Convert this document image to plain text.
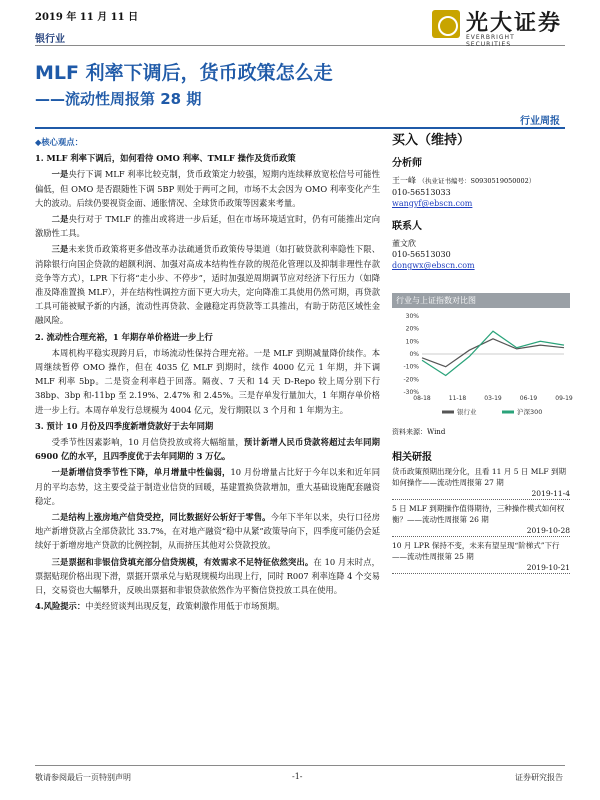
2019 年 11 月 11 日
银行业
光大证券
EVERBRIGHT SECURITIES
MLF 利率下调后，货币政策怎么走
——流动性周报第 28 期
行业周报

◆核心观点：

1. MLF 利率下调后，如何看待 OMO 利率、TMLF 操作及货币政策

一是央行下调 MLF 利率比较克制，货币政策定力较强，短期内连续释放宽松信号可能性偏低，但 OMO 是否跟随性下调 5BP 则处于两可之间，市场不太会因为 OMO 利率变化产生大的波动。后续仍要视资金面、通胀情况、全球货币政策等因素来考量。

二是央行对于 TMLF 的推出或将进一步后延，但在市场环境适宜时，仍有可能推出定向激励性工具。

三是未来货币政策将更多借改革办法疏通货币政策传导渠道（如打破贷款利率隐性下限、消除银行向国企贷款的超额利润、加强对高成本结构性存款的规范化管理以及抑制非理性存款竞争等方式），LPR 下行将“走小步、不停步”，适时加强逆周期调节应对经济下行压力（如降准及降准置换 MLF），并在结构性调控方面下更大功夫，定向降准工具使用仍然可期，再贷款工具可能被赋予新的内涵，流动性再贷款、金融稳定再贷款等工具推出，有助于防范区域性金融风险。

2. 流动性合理充裕，1 年期存单价格进一步上行

本周机构平稳实现跨月后，市场流动性保持合理充裕。一是 MLF 到期减量降价续作。本周继续暂停 OMO 操作，但在 4035 亿 MLF 到期时，续作 4000 亿元 1 年期，并下调 MLF 利率 5bp。二是资金利率趋于回落。隔夜、7 天和 14 天 D-Repo 较上周分别下行 38bp、3bp 和-11bp 至 2.19%、2.47% 和 2.45%。三是存单发行量加大，1 年期存单价格进一步上行。本周存单发行总规模为 4004 亿元，发行期限以 3 个月和 1 年期为主。

3. 预计 10 月份及四季度新增贷款好于去年同期

受季节性因素影响，10 月信贷投放或将大幅缩量，预计新增人民币贷款将超过去年同期 6900 亿的水平，且四季度优于去年同期的 3 万亿。

一是新增信贷季节性下降，单月增量中性偏弱，10 月份增量占比好于今年以来和近年同月的平均态势，这主要受益于制造业信贷的回暖，基建置换贷款增加，重大基础设施配套融资稳定。

二是结构上涨房地产信贷受控，同比数据好公斩好于零售。今年下半年以来，央行口径房地产新增贷款占全部贷款比 33.7%，在对地产融资“稳中从紧”政策导向下，四季度可能仍会延续好于新增房地产贷款的比例控制，从而挤压其他对公贷款投放。

三是票据和非银信贷填充部分信贷规模，有效需求不足特征依然突出。在 10 月末时点，票据贴现价格出现下滑，票据开票承兑与贴现规模均出现上行，同时 R007 利率连降 4 个交易日，交易资也大幅攀升，反映出票据和非银贷款依然作为平衡信贷投放工具在使用。

4.风险提示：中美经贸谈判出现反复，政策刺激作用低于市场预期。

买入（维持）

分析师

王一峰 （执业证书编号：S0930519050002）

010-56513033

wangyf@ebscn.com

联系人

董文欣

010-56513030

dongwx@ebscn.com

行业与上证指数对比图
30%
20%
10%
0%
-10%
-20%
-30%
08-18	11-18	03-19	06-19	09-19
银行业	沪深300

资料来源：Wind

相关研报

货币政策预期出现分化，且看 11 月 5 日 MLF 到期如何操作——流动性周报第 27 期

2019-11-4

5 日 MLF 到期操作值得期待，三种操作模式如何权衡？——流动性周报第 26 期

2019-10-28

10 月 LPR 保持不变，未来有望呈现“阶梯式”下行——流动性周报第 25 期

2019-10-21

敬请参阅最后一页特别声明	-1-	证券研究报告
